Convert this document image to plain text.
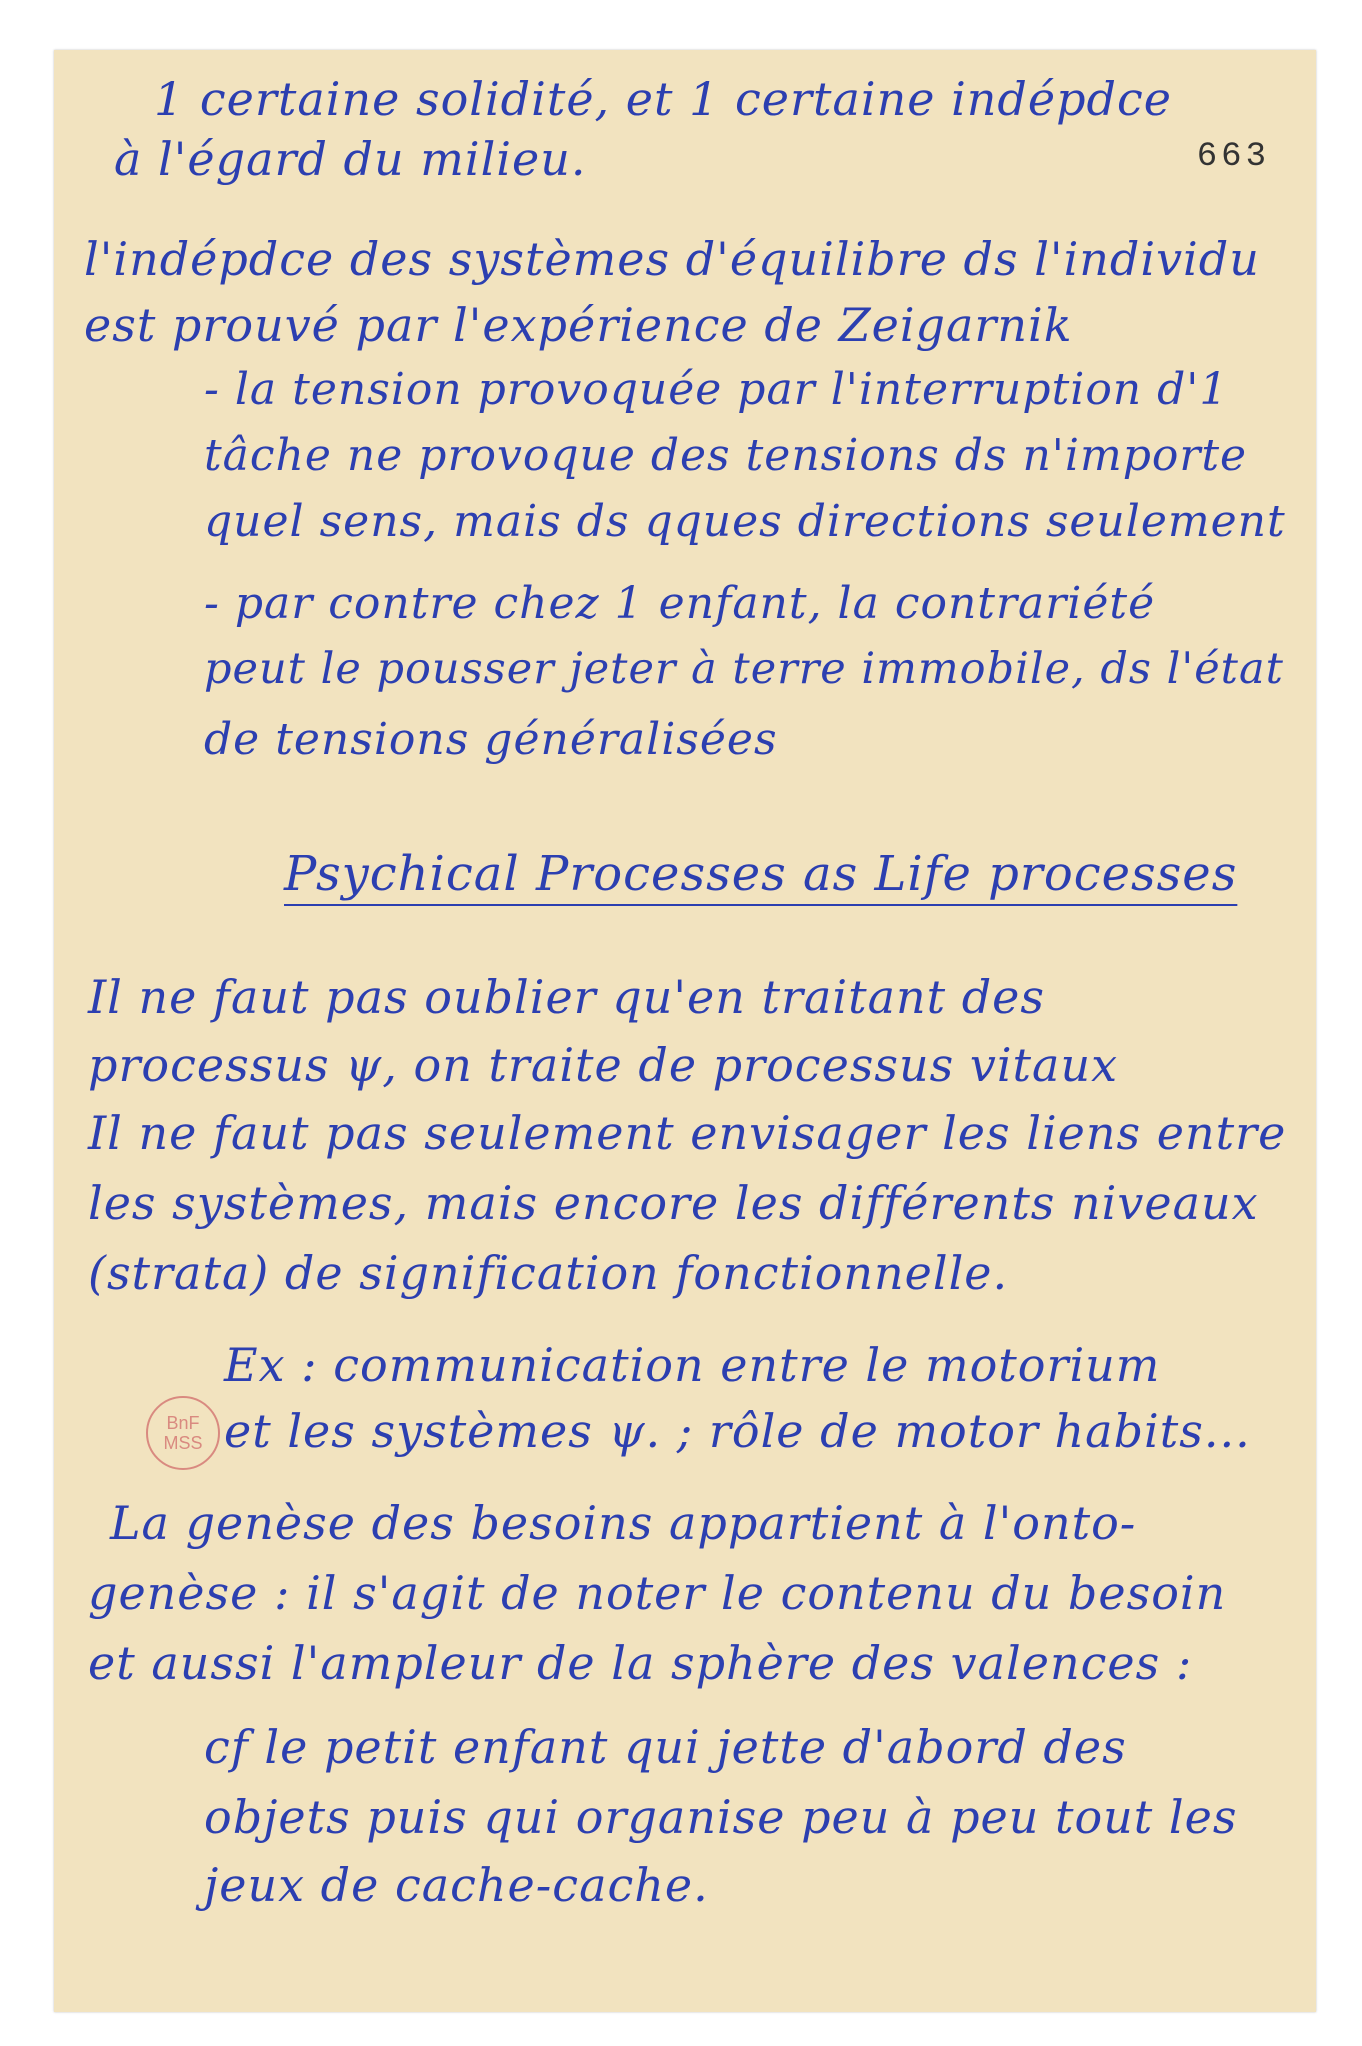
663
1 certaine solidité, et 1 certaine indépdce
à l'égard du milieu.
l'indépdce des systèmes d'équilibre ds l'individu
est prouvé par l'expérience de Zeigarnik
- la tension provoquée par l'interruption d'1
tâche ne provoque des tensions ds n'importe
quel sens, mais ds qques directions seulement
- par contre chez 1 enfant, la contrariété
peut le pousser jeter à terre immobile, ds l'état
de tensions généralisées
Psychical Processes as Life processes
Il ne faut pas oublier qu'en traitant des
processus ψ, on traite de processus vitaux
Il ne faut pas seulement envisager les liens entre
les systèmes, mais encore les différents niveaux
(strata) de signification fonctionnelle.
Ex : communication entre le motorium
et les systèmes ψ. ; rôle de motor habits...
BnF
MSS
La genèse des besoins appartient à l'onto-
genèse : il s'agit de noter le contenu du besoin
et aussi l'ampleur de la sphère des valences :
cf le petit enfant qui jette d'abord des
objets puis qui organise peu à peu tout les
jeux de cache-cache.
